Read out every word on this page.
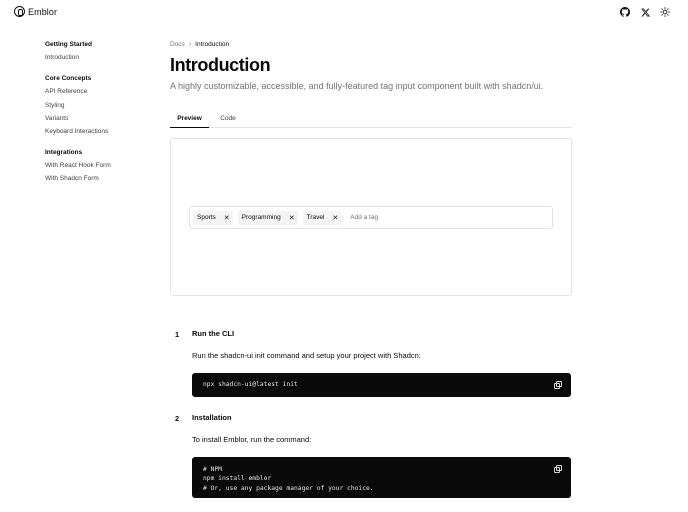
Emblor
Getting Started
Introduction
Core Concepts
API Reference
Styling
Variants
Keyboard Interactions
Integrations
With React Hook Form
With Shadcn Form
Docs › Introduction
Introduction

A highly customizable, accessible, and fully-featured tag input component built with shadcn/ui.

Preview	Code
Sports ✕ Programming ✕ Travel ✕ Add a tag
1 Run the CLI
Run the shadcn-ui init command and setup your project with Shadcn:
npx shadcn-ui@latest init
2 Installation
To install Emblor, run the command:
# NPM
npm install emblor
# Or, use any package manager of your choice.
